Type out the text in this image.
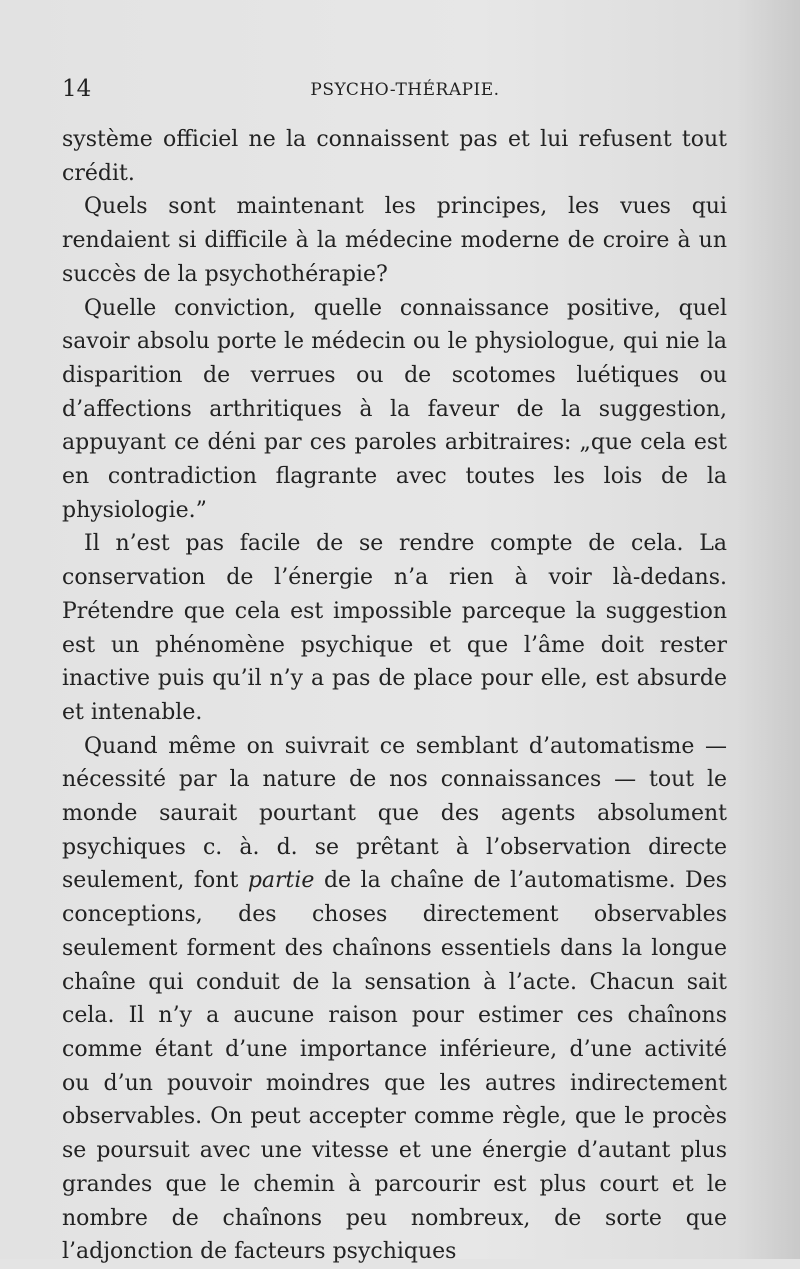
14	PSYCHO-THÉRAPIE.

système officiel ne la connaissent pas et lui refusent tout crédit.

Quels sont maintenant les principes, les vues qui rendaient si difficile à la médecine moderne de croire à un succès de la psychothérapie?

Quelle conviction, quelle connaissance positive, quel savoir absolu porte le médecin ou le physiologue, qui nie la disparition de verrues ou de scotomes luétiques ou d’affections arthritiques à la faveur de la suggestion, appuyant ce déni par ces paroles arbitraires: „que cela est en contradiction flagrante avec toutes les lois de la physiologie.”

Il n’est pas facile de se rendre compte de cela. La conservation de l’énergie n’a rien à voir là-dedans. Prétendre que cela est impossible parceque la suggestion est un phénomène psychique et que l’âme doit rester inactive puis qu’il n’y a pas de place pour elle, est absurde et intenable.

Quand même on suivrait ce semblant d’automatisme — nécessité par la nature de nos connaissances — tout le monde saurait pourtant que des agents absolument psychiques c. à. d. se prêtant à l’observation directe seulement, font partie de la chaîne de l’automatisme. Des conceptions, des choses directement observables seulement forment des chaînons essentiels dans la longue chaîne qui conduit de la sensation à l’acte. Chacun sait cela. Il n’y a aucune raison pour estimer ces chaînons comme étant d’une importance inférieure, d’une activité ou d’un pouvoir moindres que les autres indirectement observables. On peut accepter comme règle, que le procès se poursuit avec une vitesse et une énergie d’autant plus grandes que le chemin à parcourir est plus court et le nombre de chaînons peu nombreux, de sorte que l’adjonction de facteurs psychiques
